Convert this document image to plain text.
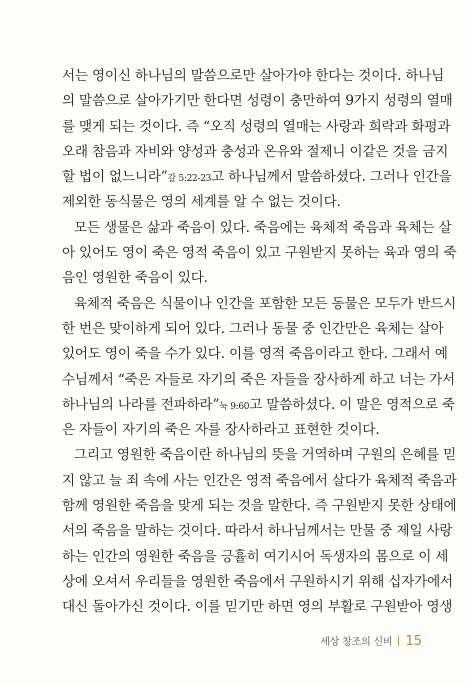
서는 영이신 하나님의 말씀으로만 살아가야 한다는 것이다. 하나님
의 말씀으로 살아가기만 한다면 성령이 충만하여 9가지 성령의 열매
를 맺게 되는 것이다. 즉 “오직 성령의 열매는 사랑과 희락과 화평과
오래 참음과 자비와 양성과 충성과 온유와 절제니 이같은 것을 금지
할 법이 없느니라”갈 5:22-23고 하나님께서 말씀하셨다. 그러나 인간을
제외한 동식물은 영의 세계를 알 수 없는 것이다.
모든 생물은 삶과 죽음이 있다. 죽음에는 육체적 죽음과 육체는 살
아 있어도 영이 죽은 영적 죽음이 있고 구원받지 못하는 육과 영의 죽
음인 영원한 죽음이 있다.
육체적 죽음은 식물이나 인간을 포함한 모든 동물은 모두가 반드시
한 번은 맞이하게 되어 있다. 그러나 동물 중 인간만은 육체는 살아
있어도 영이 죽을 수가 있다. 이를 영적 죽음이라고 한다. 그래서 예
수님께서 “죽은 자들로 자기의 죽은 자들을 장사하게 하고 너는 가서
하나님의 나라를 전파하라”눅 9:60고 말씀하셨다. 이 말은 영적으로 죽
은 자들이 자기의 죽은 자를 장사하라고 표현한 것이다.
그리고 영원한 죽음이란 하나님의 뜻을 거역하며 구원의 은혜를 믿
지 않고 늘 죄 속에 사는 인간은 영적 죽음에서 살다가 육체적 죽음과
함께 영원한 죽음을 맞게 되는 것을 말한다. 즉 구원받지 못한 상태에
서의 죽음을 말하는 것이다. 따라서 하나님께서는 만물 중 제일 사랑
하는 인간의 영원한 죽음을 긍휼히 여기시어 독생자의 몸으로 이 세
상에 오셔서 우리들을 영원한 죽음에서 구원하시기 위해 십자가에서
대신 돌아가신 것이다. 이를 믿기만 하면 영의 부활로 구원받아 영생
세상 창조의 신비 15
